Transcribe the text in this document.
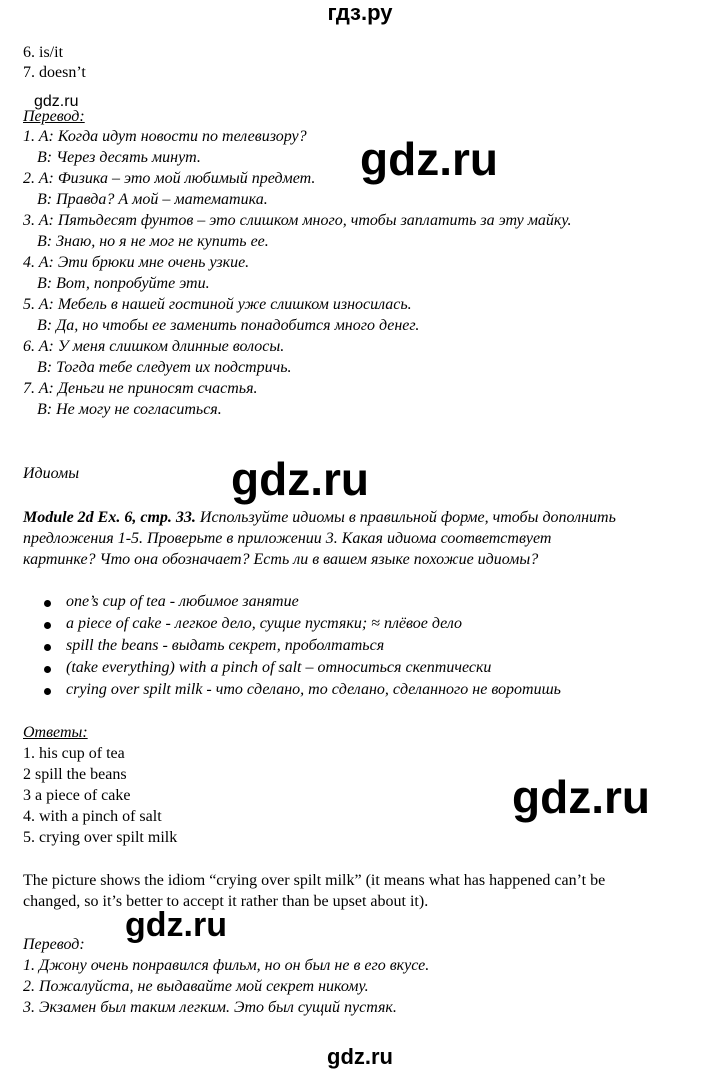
гдз.ру
6. is/it
7. doesn’t
gdz.ru
Перевод:
1. A: Когда идут новости по телевизору?
B: Через десять минут.
2. A: Физика – это мой любимый предмет.
B: Правда? А мой – математика.
3. A: Пятьдесят фунтов – это слишком много, чтобы заплатить за эту майку.
B: Знаю, но я не мог не купить ее.
4. A: Эти брюки мне очень узкие.
B: Вот, попробуйте эти.
5. A: Мебель в нашей гостиной уже слишком износилась.
B: Да, но чтобы ее заменить понадобится много денег.
6. A: У меня слишком длинные волосы.
B: Тогда тебе следует их подстричь.
7. A: Деньги не приносят счастья.
B: Не могу не согласиться.
gdz.ru
gdz.ru
gdz.ru
gdz.ru
Идиомы
Module 2d Ex. 6, стр. 33. Используйте идиомы в правильной форме, чтобы дополнить
предложения 1-5. Проверьте в приложении 3. Какая идиома соответствует
картинке? Что она обозначает? Есть ли в вашем языке похожие идиомы?
one’s cup of tea - любимое занятие
a piece of cake - легкое дело, сущие пустяки; ≈ плёвое дело
spill the beans - выдать секрет, проболтаться
(take everything) with a pinch of salt – относиться скептически
crying over spilt milk - что сделано, то сделано, сделанного не воротишь
Ответы:
1. his cup of tea
2 spill the beans
3 a piece of cake
4. with a pinch of salt
5. crying over spilt milk
The picture shows the idiom “crying over spilt milk” (it means what has happened can’t be
changed, so it’s better to accept it rather than be upset about it).
Перевод:
1. Джону очень понравился фильм, но он был не в его вкусе.
2. Пожалуйста, не выдавайте мой секрет никому.
3. Экзамен был таким легким. Это был сущий пустяк.
gdz.ru
